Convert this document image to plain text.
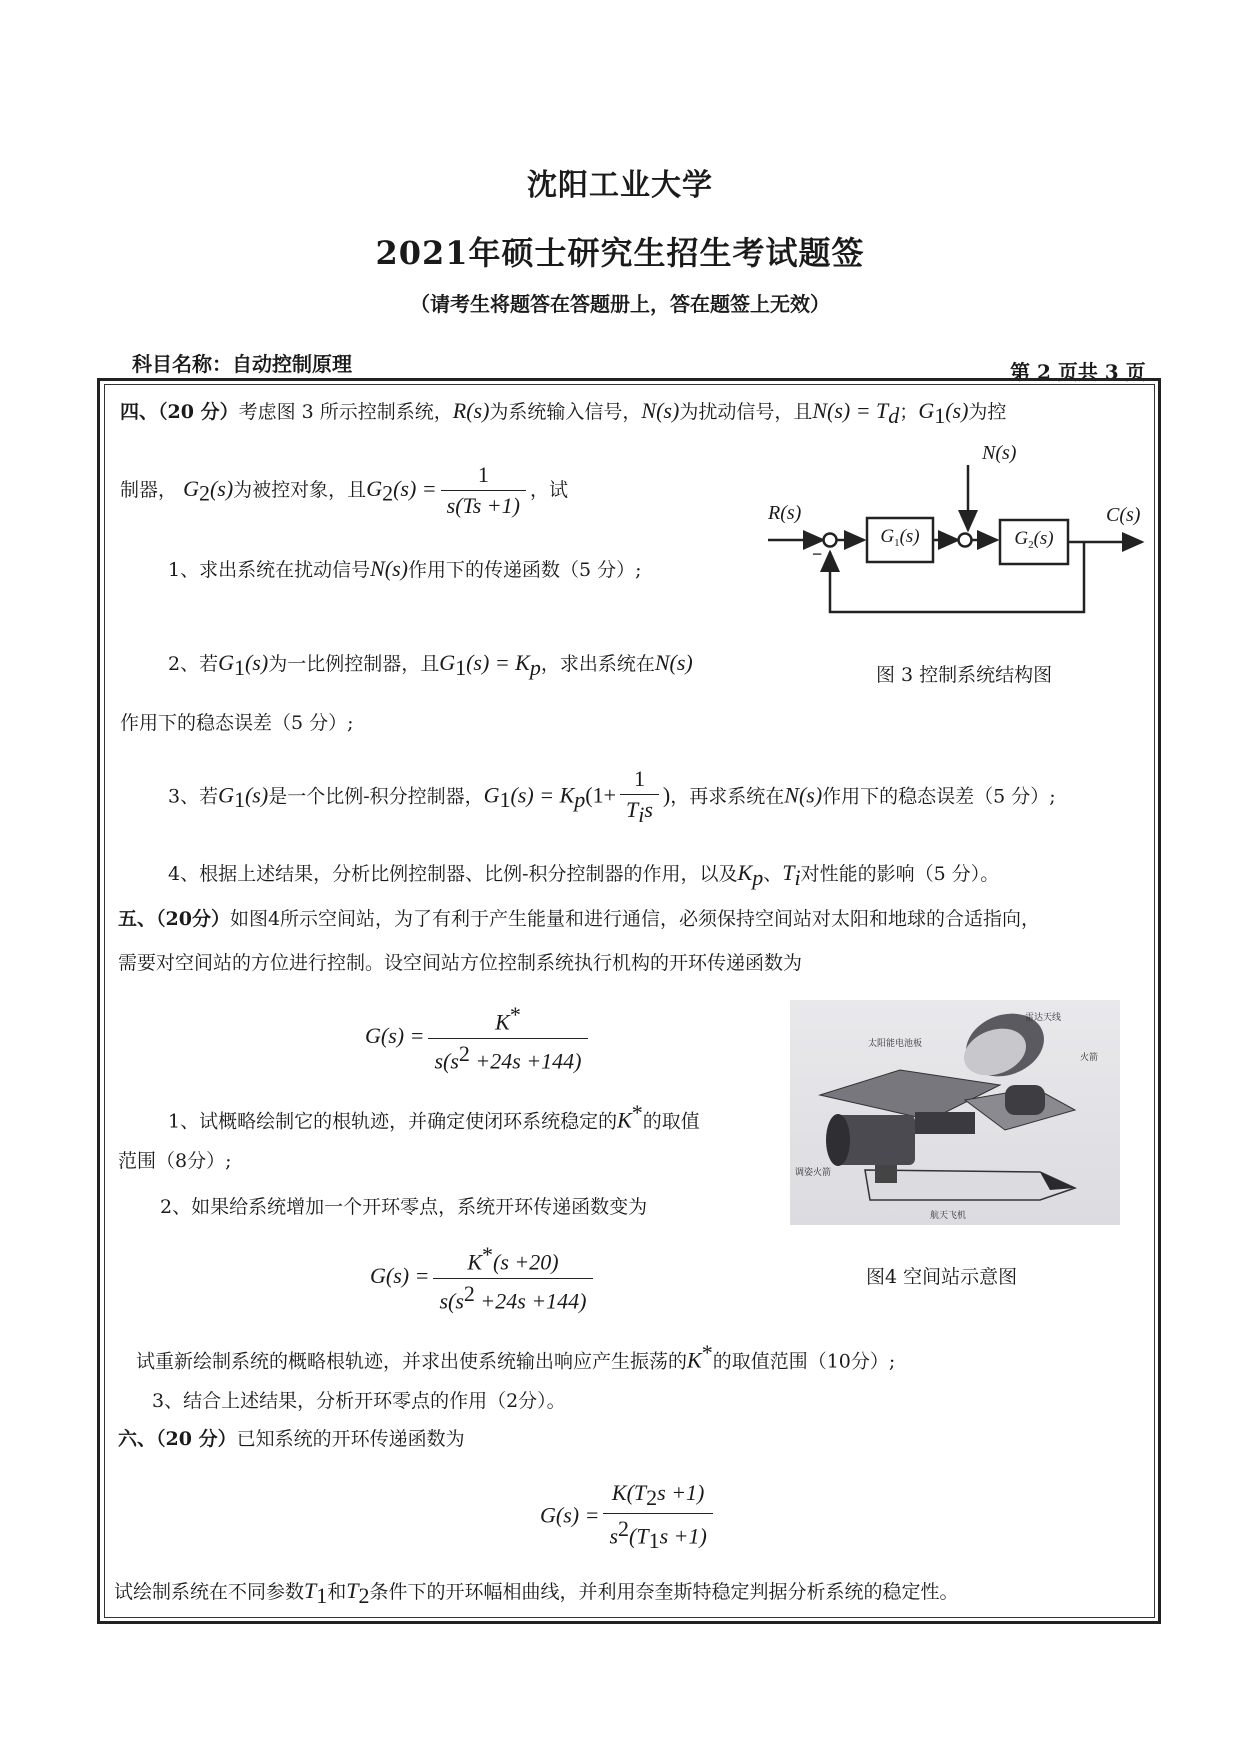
沈阳工业大学
2021年硕士研究生招生考试题签
（请考生将题答在答题册上，答在题签上无效）
科目名称：自动控制原理	第 2 页共 3 页
四、（20 分）考虑图 3 所示控制系统，R(s)为系统输入信号，N(s)为扰动信号，且$N(s) = T_d$；$G_1(s)$为控
制器， $G_2(s)$为被控对象，且$G_2(s) = \frac{1}{s(Ts +1)}$ ，试
1、求出系统在扰动信号N(s)作用下的传递函数（5 分）;
2、若$G_1(s)$为一比例控制器，且$G_1(s) = K_p$，求出系统在N(s)
作用下的稳态误差（5 分）;
3、若$G_1(s)$是一个比例-积分控制器，$G_1(s) = K_p(1+ \frac{1}{T_is}$ )，再求系统在N(s)作用下的稳态误差（5 分）;
4、根据上述结果，分析比例控制器、比例-积分控制器的作用，以及$K_p$、$T_i$对性能的影响（5 分）。
R(s)
N(s)
C(s)
−
$G_1(s)$	$G_2(s)$
图 3 控制系统结构图
五、（20分）如图4所示空间站，为了有利于产生能量和进行通信，必须保持空间站对太阳和地球的合适指向，
需要对空间站的方位进行控制。设空间站方位控制系统执行机构的开环传递函数为
$G(s) = \frac{K^*}{s(s^2 +24s +144)}$
1、试概略绘制它的根轨迹，并确定使闭环系统稳定的K*的取值
范围（8分）;
2、如果给系统增加一个开环零点，系统开环传递函数变为
$G(s) = \frac{K^*(s +20)}{s(s^2 +24s +144)}$
试重新绘制系统的概略根轨迹，并求出使系统输出响应产生振荡的K*的取值范围（10分）;
3、结合上述结果，分析开环零点的作用（2分）。
雷达天线
太阳能电池板
火箭
调姿火箭
航天飞机
图4 空间站示意图
六、（20 分）已知系统的开环传递函数为
$G(s) = \frac{K(T_2s +1)}{s^2(T_1s +1)}$
试绘制系统在不同参数$T_1$和$T_2$条件下的开环幅相曲线，并利用奈奎斯特稳定判据分析系统的稳定性。
